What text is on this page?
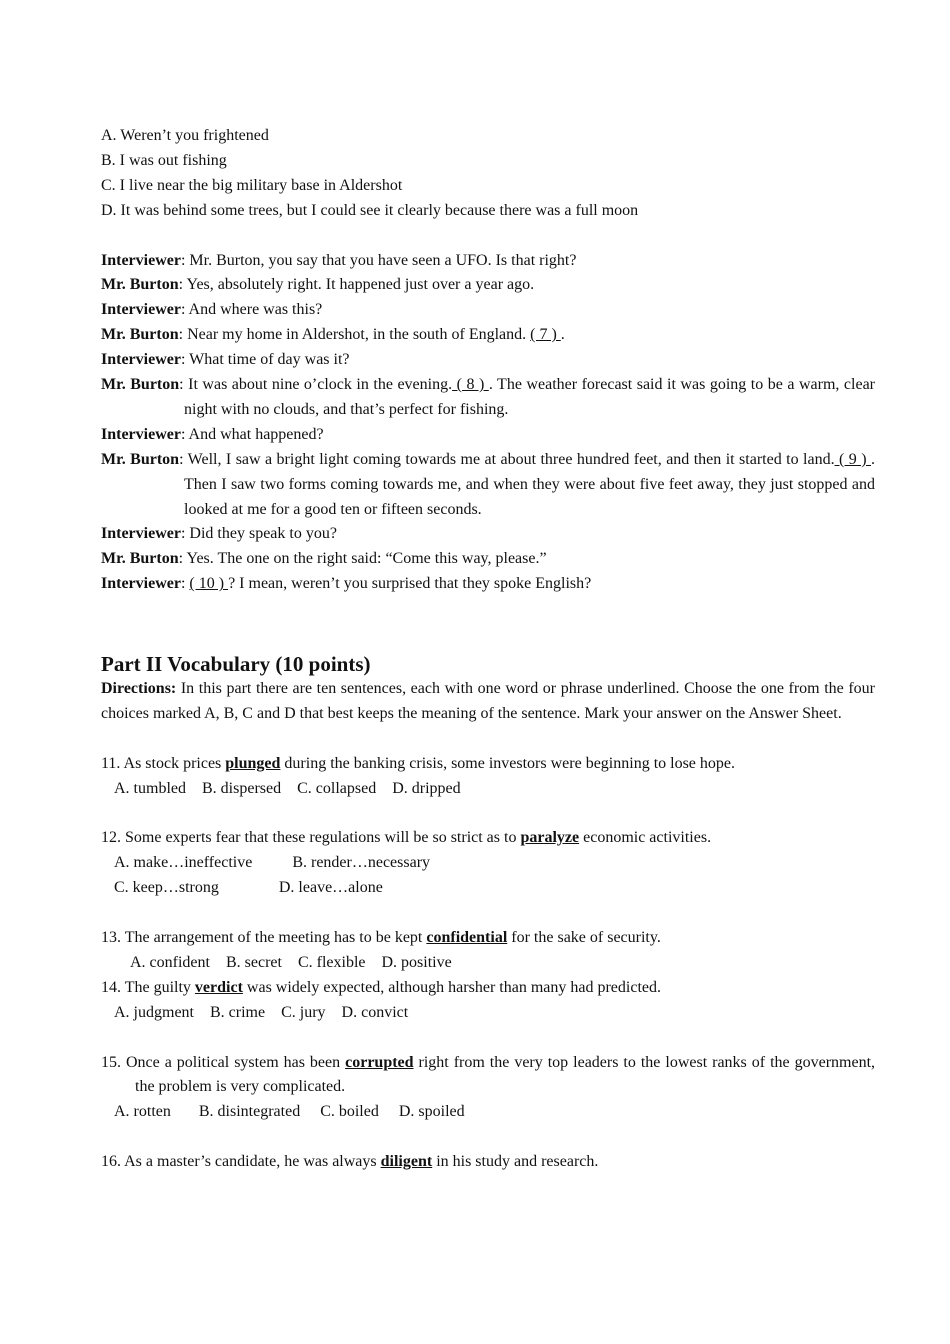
A. Weren’t you frightened
B. I was out fishing
C. I live near the big military base in Aldershot
D. It was behind some trees, but I could see it clearly because there was a full moon
Interviewer: Mr. Burton, you say that you have seen a UFO. Is that right?
Mr. Burton: Yes, absolutely right. It happened just over a year ago.
Interviewer: And where was this?
Mr. Burton: Near my home in Aldershot, in the south of England. ( 7 ) .
Interviewer: What time of day was it?
Mr. Burton: It was about nine o’clock in the evening. ( 8 ) . The weather forecast said it was going to be a warm, clear night with no clouds, and that’s perfect for fishing.
Interviewer: And what happened?
Mr. Burton: Well, I saw a bright light coming towards me at about three hundred feet, and then it started to land. ( 9 ) . Then I saw two forms coming towards me, and when they were about five feet away, they just stopped and looked at me for a good ten or fifteen seconds.
Interviewer: Did they speak to you?
Mr. Burton: Yes. The one on the right said: “Come this way, please.”
Interviewer: ( 10 ) ? I mean, weren’t you surprised that they spoke English?
Part II Vocabulary (10 points)
Directions: In this part there are ten sentences, each with one word or phrase underlined. Choose the one from the four choices marked A, B, C and D that best keeps the meaning of the sentence. Mark your answer on the Answer Sheet.
11. As stock prices plunged during the banking crisis, some investors were beginning to lose hope.
A. tumbled    B. dispersed    C. collapsed    D. dripped
12. Some experts fear that these regulations will be so strict as to paralyze economic activities.
A. make…ineffective          B. render…necessary
C. keep…strong               D. leave…alone
13. The arrangement of the meeting has to be kept confidential for the sake of security.
A. confident    B. secret    C. flexible    D. positive
14. The guilty verdict was widely expected, although harsher than many had predicted.
A. judgment    B. crime    C. jury    D. convict
15. Once a political system has been corrupted right from the very top leaders to the lowest ranks of the government, the problem is very complicated.
A. rotten       B. disintegrated     C. boiled     D. spoiled
16. As a master’s candidate, he was always diligent in his study and research.
